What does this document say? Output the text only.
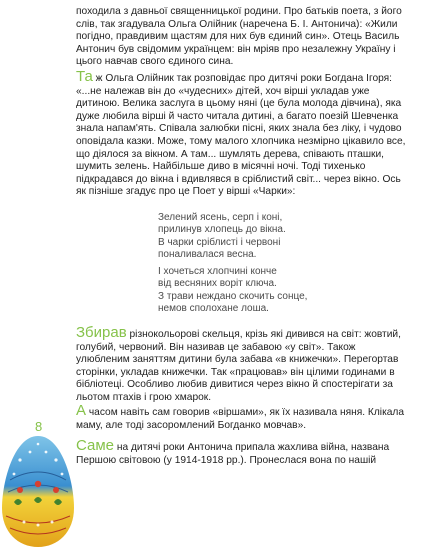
походила з давньої священницької родини. Про батьків поета, з його слів, так згадувала Ольга Олійник (наречена Б. І. Антонича): «Жили погідно, правдивим щастям для них був єдиний син». Отець Василь Антонич був свідомим українцем: він мріяв про незалежну Україну і цього навчав свого єдиного сина.

Та ж Ольга Олійник так розповідає про дитячі роки Богдана Ігоря: «...не належав він до «чудесних» дітей, хоч вірші укладав уже дитиною. Велика заслуга в цьому няні (це була молода дівчина), яка дуже любила вірші й часто читала дитині, а багато поезій Шевченка знала напам'ять. Співала залюбки пісні, яких знала без ліку, і чудово оповідала казки. Може, тому малого хлопчика незмірно цікавило все, що діялося за вікном. А там... шумлять дерева, співають пташки, шумить зелень. Найбільше диво в місячні ночі. Тоді тихенько підкрадався до вікна і вдивлявся в сріблистий світ... через вікно. Ось як пізніше згадує про це Поет у вірші «Чарки»:

Зелений ясень, серп і коні,
прилинув хлопець до вікна.
В чарки сріблисті і червоні
поналивалася весна.
І хочеться хлопчині конче
від весняних воріт ключа.
З трави нежданo скочить сонце,
немов сполохане лоша.

Збирав різнокольорові скельця, крізь які дивився на світ: жовтий, голубий, червоний. Він називав це забавою «у світ». Також улюбленим заняттям дитини була забава «в книжечки». Перегортав сторінки, укладав книжечки. Так «працював» він цілими годинами в бібліотеці. Особливо любив дивитися через вікно й спостерігати за льотом птахів і грою хмарок.

А часом навіть сам говорив «віршами», як їх називала няня. Клікала маму, але тоді засоромлений Богданко мовчав».

Саме на дитячі роки Антонича припала жахлива війна, названа Першою світовою (у 1914-1918 рр.). Пронеслася вона по нашій

8
